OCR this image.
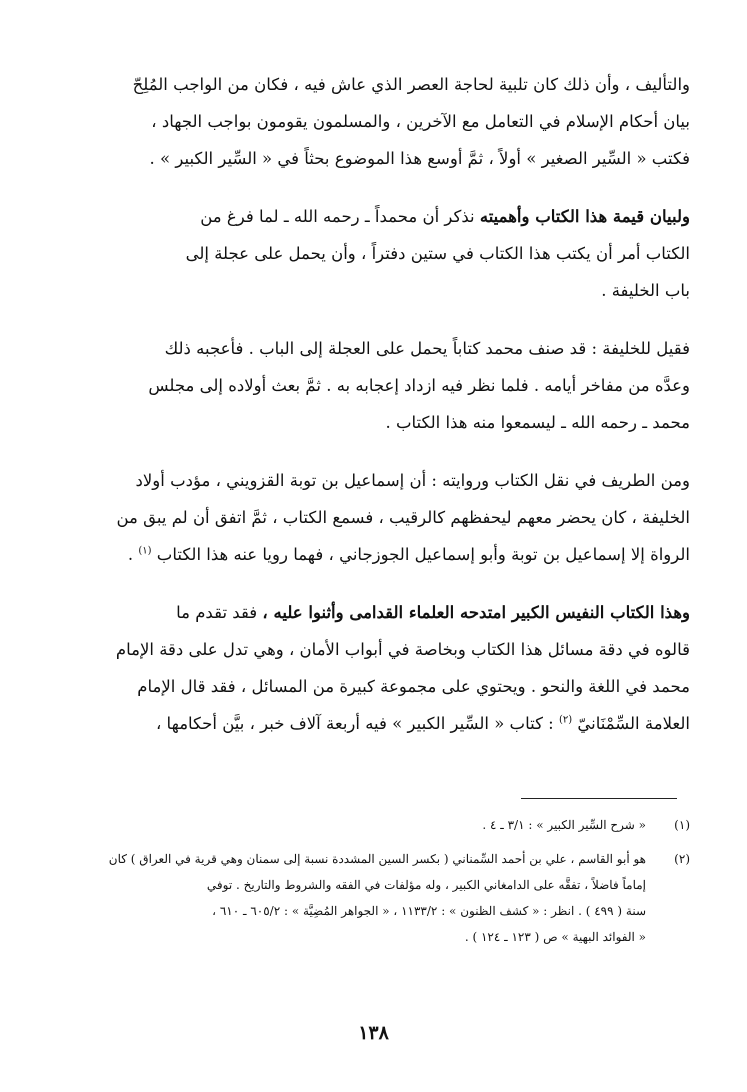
والتأليف ، وأن ذلك كان تلبية لحاجة العصر الذي عاش فيه ، فكان من الواجب المُلِحّ
بيان أحكام الإسلام في التعامل مع الآخرين ، والمسلمون يقومون بواجب الجهاد ،
فكتب « السِّير الصغير » أولاً ، ثمَّ أوسع هذا الموضوع بحثاً في « السِّير الكبير » .
ولبيان قيمة هذا الكتاب وأهميته نذكر أن محمداً ـ رحمه الله ـ لما فرغ من
الكتاب أمر أن يكتب هذا الكتاب في ستين دفتراً ، وأن يحمل على عجلة إلى
باب الخليفة .
فقيل للخليفة : قد صنف محمد كتاباً يحمل على العجلة إلى الباب . فأعجبه ذلك
وعدَّه من مفاخر أيامه . فلما نظر فيه ازداد إعجابه به . ثمَّ بعث أولاده إلى مجلس
محمد ـ رحمه الله ـ ليسمعوا منه هذا الكتاب .
ومن الطريف في نقل الكتاب وروايته : أن إسماعيل بن توبة القزويني ، مؤدب أولاد
الخليفة ، كان يحضر معهم ليحفظهم كالرقيب ، فسمع الكتاب ، ثمَّ اتفق أن لم يبق من
الرواة إلا إسماعيل بن توبة وأبو إسماعيل الجوزجاني ، فهما رويا عنه هذا الكتاب $^{(١)}$ .
وهذا الكتاب النفيس الكبير امتدحه العلماء القدامى وأثنوا عليه ، فقد تقدم ما
قالوه في دقة مسائل هذا الكتاب وبخاصة في أبواب الأمان ، وهي تدل على دقة الإمام
محمد في اللغة والنحو . ويحتوي على مجموعة كبيرة من المسائل ، فقد قال الإمام
العلامة السِّمْنَانيّ $^{(٢)}$ : كتاب « السِّير الكبير » فيه أربعة آلاف خبر ، بيَّن أحكامها ،
(١)
« شرح السِّير الكبير » : ٣/١ ـ ٤ .
(٢)
هو أبو القاسم ، علي بن أحمد السِّمناني ( بكسر السين المشددة نسبة إلى سمنان وهي قرية في العراق ) كان
إماماً فاضلاً ، تفقَّه على الدامغاني الكبير ، وله مؤلفات في الفقه والشروط والتاريخ . توفي
سنة ( ٤٩٩ ) . انظر : « كشف الظنون » : ١١٣٣/٢ ، « الجواهر المُضِيَّة » : ٦٠٥/٢ ـ ٦١٠ ،
« الفوائد البهية » ص ( ١٢٣ ـ ١٢٤ ) .
١٣٨
